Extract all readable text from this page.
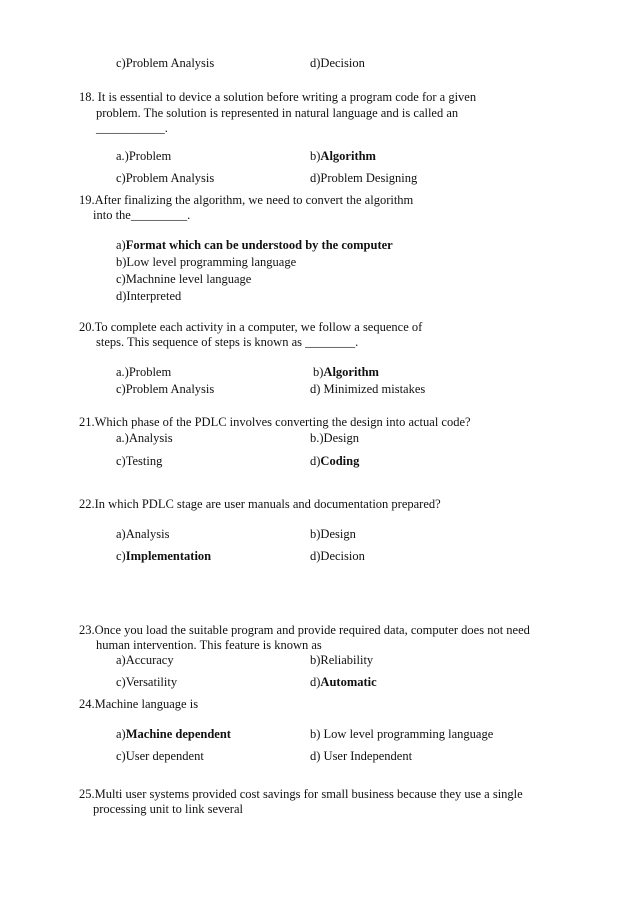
c)Problem Analysis	d)Decision
18. It is essential to device a solution before writing a program code for a given
problem. The solution is represented in natural language and is called an
___________.
a.)Problem	b)Algorithm
c)Problem Analysis	d)Problem Designing
19.After finalizing the algorithm, we need to convert the algorithm
into the_________.
a)Format which can be understood by the computer
b)Low level programming language
c)Machnine level language
d)Interpreted
20.To complete each activity in a computer, we follow a sequence of
steps. This sequence of steps is known as ________.
a.)Problem	b)Algorithm
c)Problem Analysis	d) Minimized mistakes
21.Which phase of the PDLC involves converting the design into actual code?
a.)Analysis	b.)Design
c)Testing	d)Coding
22.In which PDLC stage are user manuals and documentation prepared?
a)Analysis	b)Design
c)Implementation	d)Decision
23.Once you load the suitable program and provide required data, computer does not need
human intervention. This feature is known as
a)Accuracy	b)Reliability
c)Versatility	d)Automatic
24.Machine language is
a)Machine dependent	b) Low level programming language
c)User dependent	d) User Independent
25.Multi user systems provided cost savings for small business because they use a single
processing unit to link several
